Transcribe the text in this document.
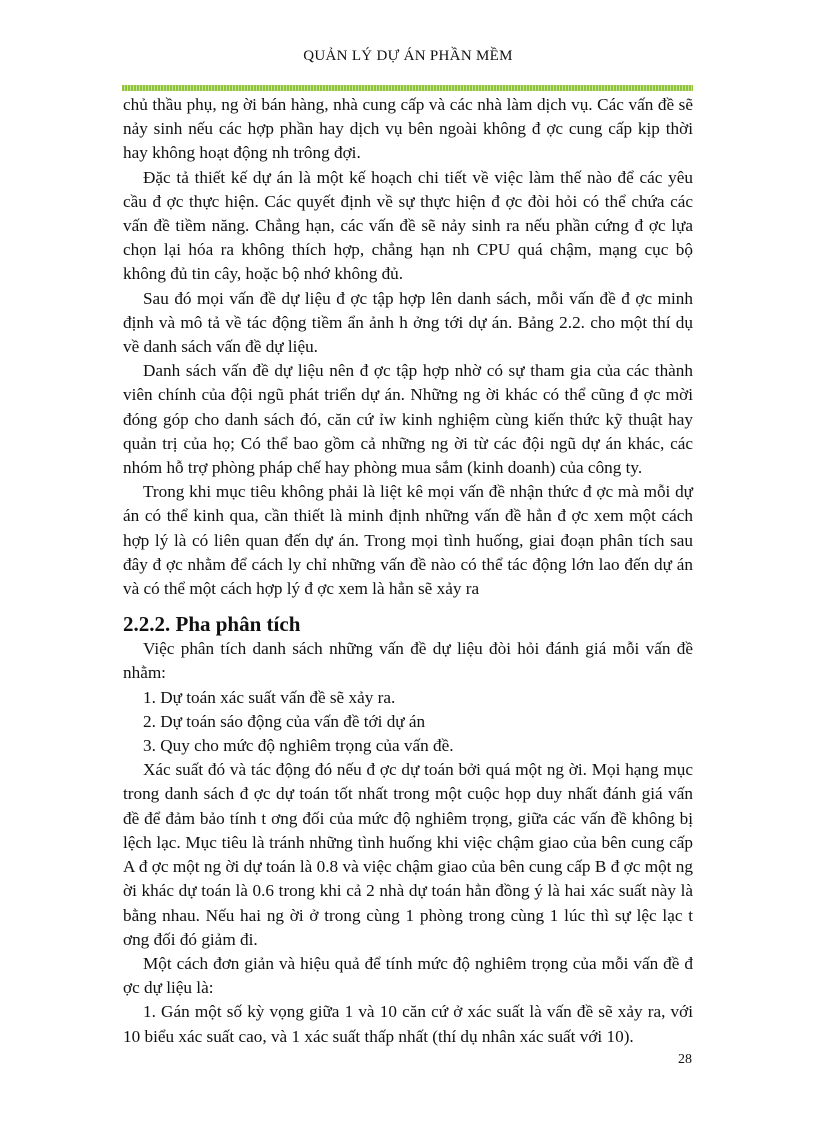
QUẢN LÝ DỰ ÁN PHẦN MỀM

chủ thầu phụ, ng ời bán hàng, nhà cung cấp và các nhà làm dịch vụ. Các vấn đề sẽ nảy sinh nếu các hợp phần hay dịch vụ bên ngoài không đ ợc cung cấp kịp thời hay không hoạt động nh trông đợi.

Đặc tả thiết kế dự án là một kế hoạch chi tiết về việc làm thế nào để các yêu cầu đ ợc thực hiện. Các quyết định về sự thực hiện đ ợc đòi hỏi có thể chứa các vấn đề tiềm năng. Chẳng hạn, các vấn đề sẽ nảy sinh ra nếu phần cứng đ ợc lựa chọn lại hóa ra không thích hợp, chẳng hạn nh CPU quá chậm, mạng cục bộ không đủ tin cây, hoặc bộ nhớ không đủ.

Sau đó mọi vấn đề dự liệu đ ợc tập hợp lên danh sách, mỗi vấn đề đ ợc minh định và mô tả về tác động tiềm ẩn ảnh h ởng tới dự án. Bảng 2.2. cho một thí dụ về danh sách vấn đề dự liệu.

Danh sách vấn đề dự liệu nên đ ợc tập hợp nhờ có sự tham gia của các thành viên chính của đội ngũ phát triển dự án. Những ng ời khác có thể cũng đ ợc mời đóng góp cho danh sách đó, căn cứ ỉw kinh nghiệm cùng kiến thức kỹ thuật hay quản trị của họ; Có thể bao gồm cả những ng ời từ các đội ngũ dự án khác, các nhóm hỗ trợ phòng pháp chế hay phòng mua sắm (kinh doanh) của công ty.

Trong khi mục tiêu không phải là liệt kê mọi vấn đề nhận thức đ ợc mà mỗi dự án có thể kinh qua, cần thiết là minh định những vấn đề hẳn đ ợc xem một cách hợp lý là có liên quan đến dự án. Trong mọi tình huống, giai đoạn phân tích sau đây đ ợc nhằm để cách ly chỉ những vấn đề nào có thể tác động lớn lao đến dự án và có thể một cách hợp lý đ ợc xem là hẳn sẽ xảy ra

2.2.2. Pha phân tích

Việc phân tích danh sách những vấn đề dự liệu đòi hỏi đánh giá mỗi vấn đề nhằm:

1. Dự toán xác suất vấn đề sẽ xảy ra.

2. Dự toán sáo động của vấn đề tới dự án

3. Quy cho mức độ nghiêm trọng của vấn đề.

Xác suất đó và tác động đó nếu đ ợc dự toán bởi quá một ng ời. Mọi hạng mục trong danh sách đ ợc dự toán tốt nhất trong một cuộc họp duy nhất đánh giá vấn đề để đảm bảo tính t ơng đối của mức độ nghiêm trọng, giữa các vấn đề không bị lệch lạc. Mục tiêu là tránh những tình huống khi việc chậm giao của bên cung cấp A đ ợc một ng ời dự toán là 0.8 và việc chậm giao của bên cung cấp B đ ợc một ng ời khác dự toán là 0.6 trong khi cả 2 nhà dự toán hẳn đồng ý là hai xác suất này là bằng nhau. Nếu hai ng ời ở trong cùng 1 phòng trong cùng 1 lúc thì sự lệc lạc t ơng đối đó giảm đi.

Một cách đơn giản và hiệu quả để tính mức độ nghiêm trọng của mỗi vấn đề đ ợc dự liệu là:

1. Gán một số kỳ vọng giữa 1 và 10 căn cứ ở xác suất là vấn đề sẽ xảy ra, với 10 biểu xác suất cao, và 1 xác suất thấp nhất (thí dụ nhân xác suất với 10).

28
